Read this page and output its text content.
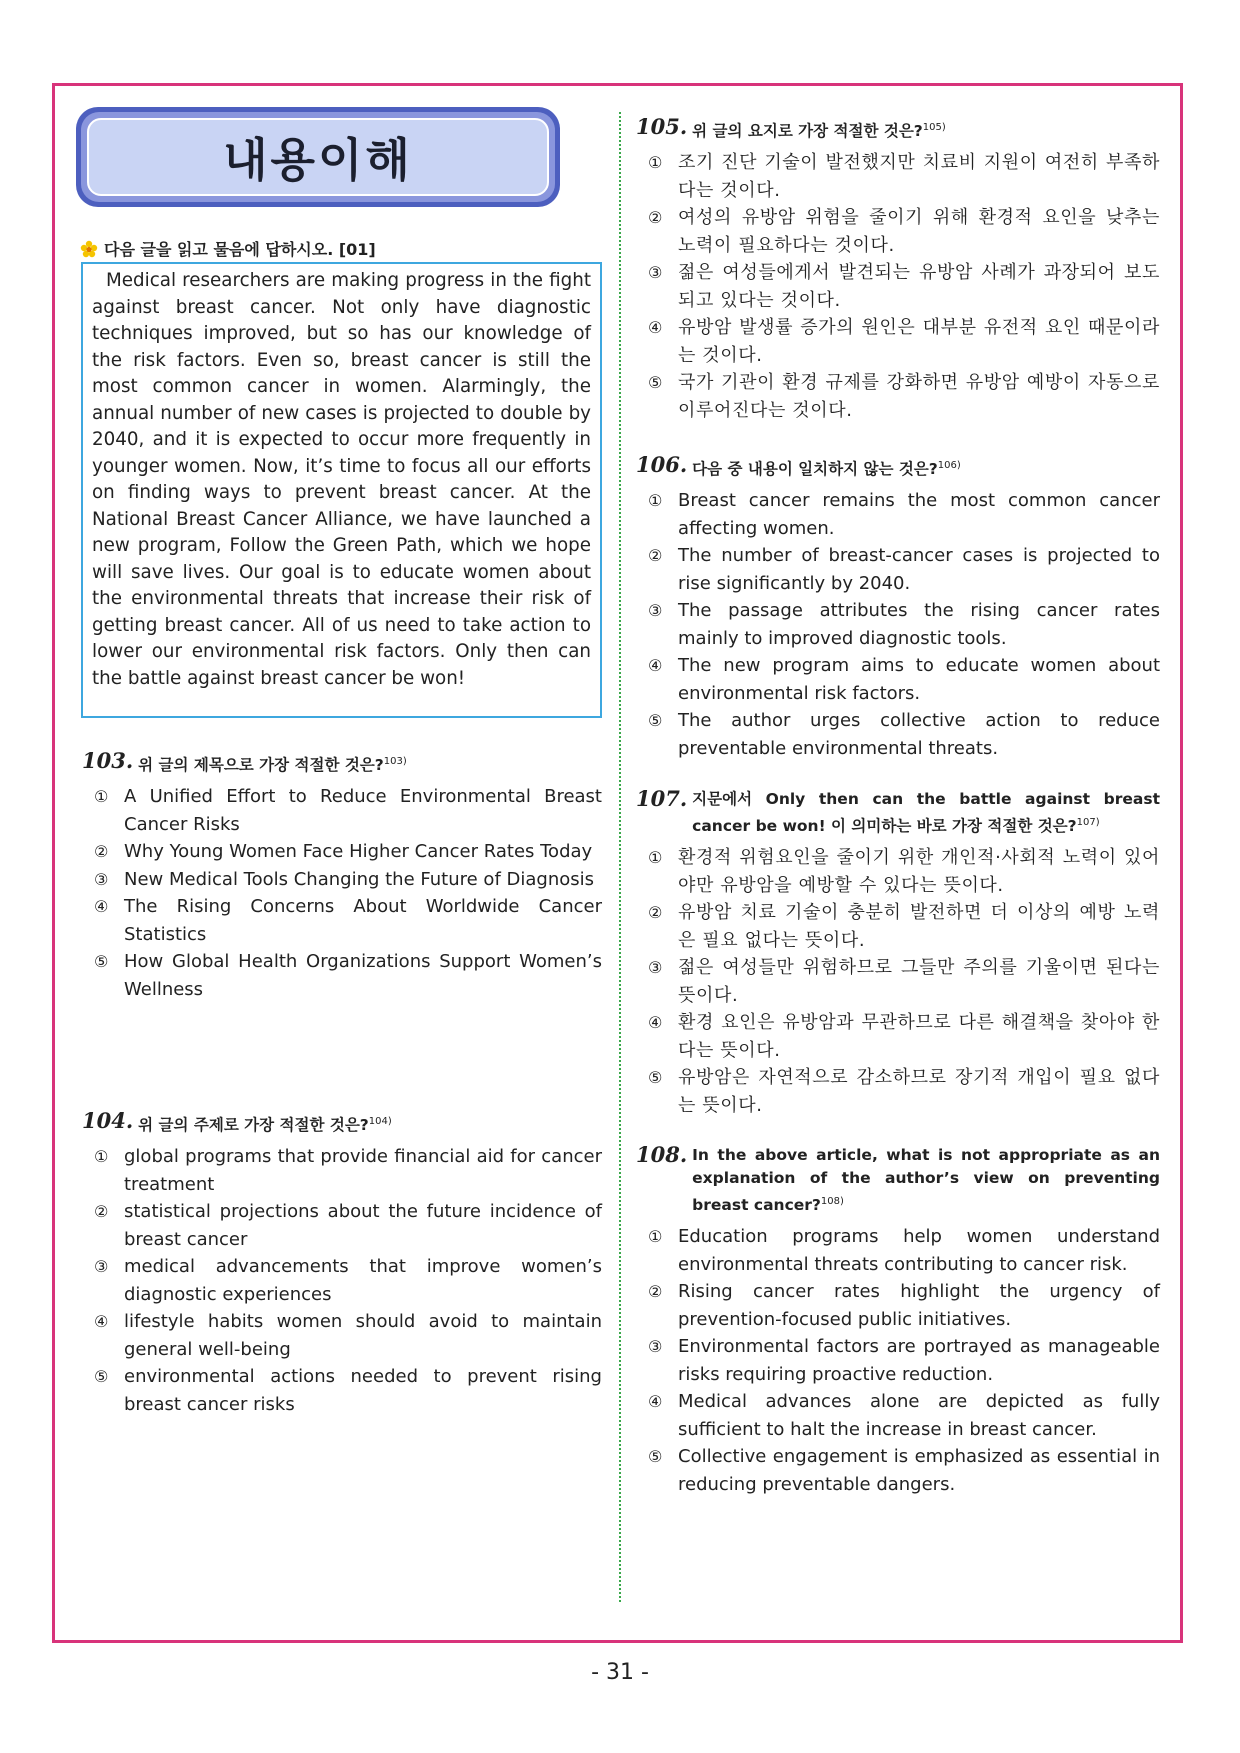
내용이해
다음 글을 읽고 물음에 답하시오. [01]
Medical researchers are making progress in the fight against breast cancer. Not only have diagnostic techniques improved, but so has our knowledge of the risk factors. Even so, breast cancer is still the most common cancer in women. Alarmingly, the annual number of new cases is projected to double by 2040, and it is expected to occur more frequently in younger women. Now, it’s time to focus all our efforts on finding ways to prevent breast cancer. At the National Breast Cancer Alliance, we have launched a new program, Follow the Green Path, which we hope will save lives. Our goal is to educate women about the environmental threats that increase their risk of getting breast cancer. All of us need to take action to lower our environmental risk factors. Only then can the battle against breast cancer be won!
103. 위 글의 제목으로 가장 적절한 것은?$^{103)}$
① A Unified Effort to Reduce Environmental Breast Cancer Risks
② Why Young Women Face Higher Cancer Rates Today
③ New Medical Tools Changing the Future of Diagnosis
④ The Rising Concerns About Worldwide Cancer Statistics
⑤ How Global Health Organizations Support Women’s Wellness
104. 위 글의 주제로 가장 적절한 것은?$^{104)}$
① global programs that provide financial aid for cancer treatment
② statistical projections about the future incidence of breast cancer
③ medical advancements that improve women’s diagnostic experiences
④ lifestyle habits women should avoid to maintain general well-being
⑤ environmental actions needed to prevent rising breast cancer risks
105. 위 글의 요지로 가장 적절한 것은?$^{105)}$
① 조기 진단 기술이 발전했지만 치료비 지원이 여전히 부족하다는 것이다.
② 여성의 유방암 위험을 줄이기 위해 환경적 요인을 낮추는 노력이 필요하다는 것이다.
③ 젊은 여성들에게서 발견되는 유방암 사례가 과장되어 보도되고 있다는 것이다.
④ 유방암 발생률 증가의 원인은 대부분 유전적 요인 때문이라는 것이다.
⑤ 국가 기관이 환경 규제를 강화하면 유방암 예방이 자동으로 이루어진다는 것이다.
106. 다음 중 내용이 일치하지 않는 것은?$^{106)}$
① Breast cancer remains the most common cancer affecting women.
② The number of breast-cancer cases is projected to rise significantly by 2040.
③ The passage attributes the rising cancer rates mainly to improved diagnostic tools.
④ The new program aims to educate women about environmental risk factors.
⑤ The author urges collective action to reduce preventable environmental threats.
107. 지문에서 Only then can the battle against breast cancer be won! 이 의미하는 바로 가장 적절한 것은?$^{107)}$
① 환경적 위험요인을 줄이기 위한 개인적·사회적 노력이 있어야만 유방암을 예방할 수 있다는 뜻이다.
② 유방암 치료 기술이 충분히 발전하면 더 이상의 예방 노력은 필요 없다는 뜻이다.
③ 젊은 여성들만 위험하므로 그들만 주의를 기울이면 된다는 뜻이다.
④ 환경 요인은 유방암과 무관하므로 다른 해결책을 찾아야 한다는 뜻이다.
⑤ 유방암은 자연적으로 감소하므로 장기적 개입이 필요 없다는 뜻이다.
108. In the above article, what is not appropriate as an explanation of the author’s view on preventing breast cancer?$^{108)}$
① Education programs help women understand environmental threats contributing to cancer risk.
② Rising cancer rates highlight the urgency of prevention-focused public initiatives.
③ Environmental factors are portrayed as manageable risks requiring proactive reduction.
④ Medical advances alone are depicted as fully sufficient to halt the increase in breast cancer.
⑤ Collective engagement is emphasized as essential in reducing preventable dangers.
- 31 -
